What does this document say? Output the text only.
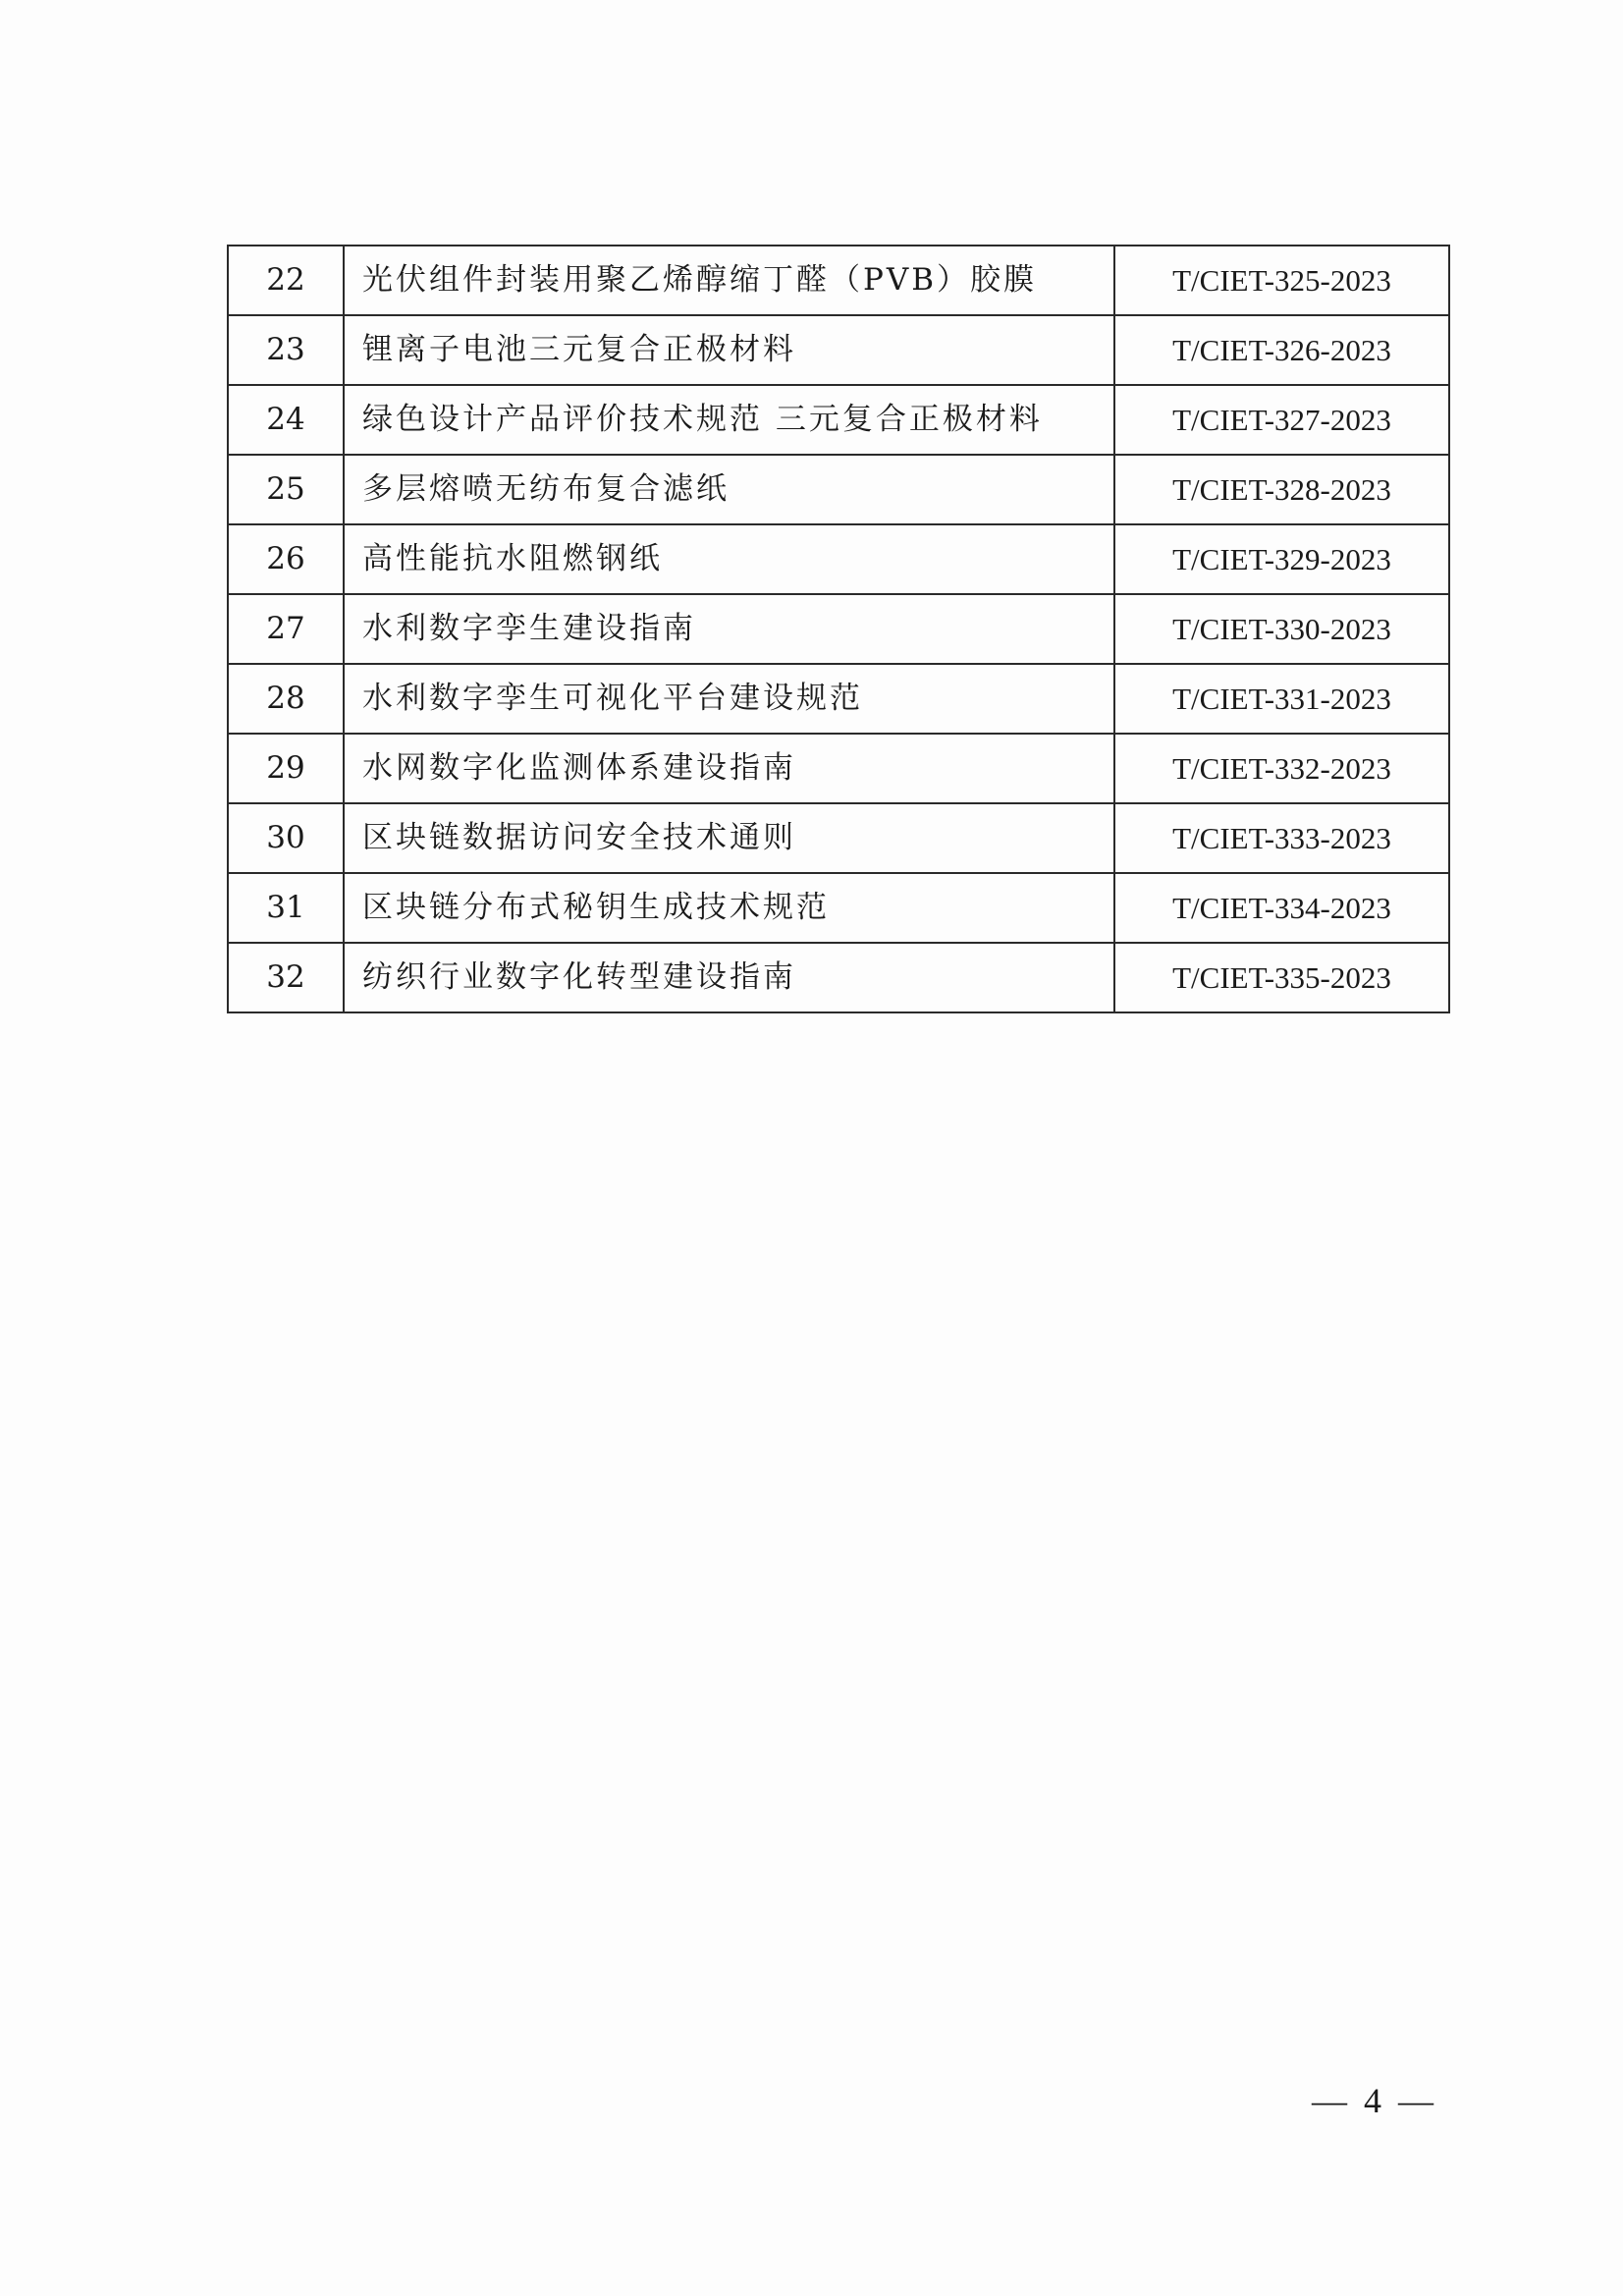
22	光伏组件封装用聚乙烯醇缩丁醛（PVB）胶膜	T/CIET-325-2023
23	锂离子电池三元复合正极材料	T/CIET-326-2023
24	绿色设计产品评价技术规范 三元复合正极材料	T/CIET-327-2023
25	多层熔喷无纺布复合滤纸	T/CIET-328-2023
26	高性能抗水阻燃钢纸	T/CIET-329-2023
27	水利数字孪生建设指南	T/CIET-330-2023
28	水利数字孪生可视化平台建设规范	T/CIET-331-2023
29	水网数字化监测体系建设指南	T/CIET-332-2023
30	区块链数据访问安全技术通则	T/CIET-333-2023
31	区块链分布式秘钥生成技术规范	T/CIET-334-2023
32	纺织行业数字化转型建设指南	T/CIET-335-2023
— 4 —
